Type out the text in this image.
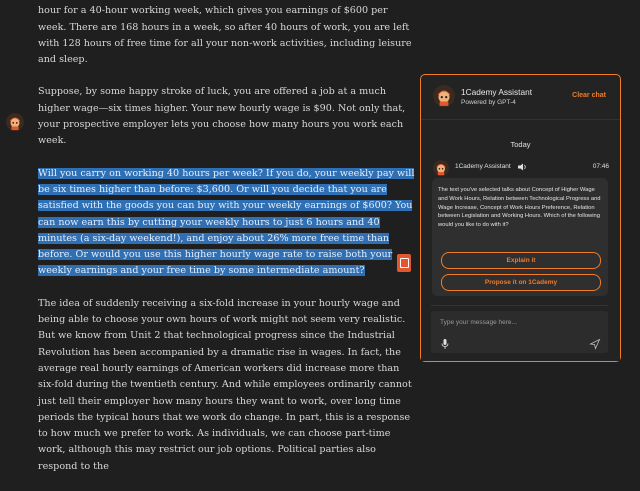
hour for a 40-hour working week, which gives you earnings of $600 per week. There are 168 hours in a week, so after 40 hours of work, you are left with 128 hours of free time for all your non-work activities, including leisure and sleep.

Suppose, by some happy stroke of luck, you are offered a job at a much higher wage—six times higher. Your new hourly wage is $90. Not only that, your prospective employer lets you choose how many hours you work each week.

Will you carry on working 40 hours per week? If you do, your weekly pay will be six times higher than before: $3,600. Or will you decide that you are satisfied with the goods you can buy with your weekly earnings of $600? You can now earn this by cutting your weekly hours to just 6 hours and 40 minutes (a six-day weekend!), and enjoy about 26% more free time than before. Or would you use this higher hourly wage rate to raise both your weekly earnings and your free time by some intermediate amount?

The idea of suddenly receiving a six-fold increase in your hourly wage and being able to choose your own hours of work might not seem very realistic. But we know from Unit 2 that technological progress since the Industrial Revolution has been accompanied by a dramatic rise in wages. In fact, the average real hourly earnings of American workers did increase more than six-fold during the twentieth century. And while employees ordinarily cannot just tell their employer how many hours they want to work, over long time periods the typical hours that we work do change. In part, this is a response to how much we prefer to work. As individuals, we can choose part-time work, although this may restrict our job options. Political parties also respond to the

1Cademy Assistant
Powered by GPT-4
Clear chat
Today
1Cademy Assistant	07:46
The text you've selected talks about Concept of Higher Wage and Work Hours, Relation between Technological Progress and Wage Increase, Concept of Work Hours Preference, Relation between Legislation and Working Hours. Which of the following would you like to do with it?
Explain it
Propose it on 1Cademy
Type your message here...
